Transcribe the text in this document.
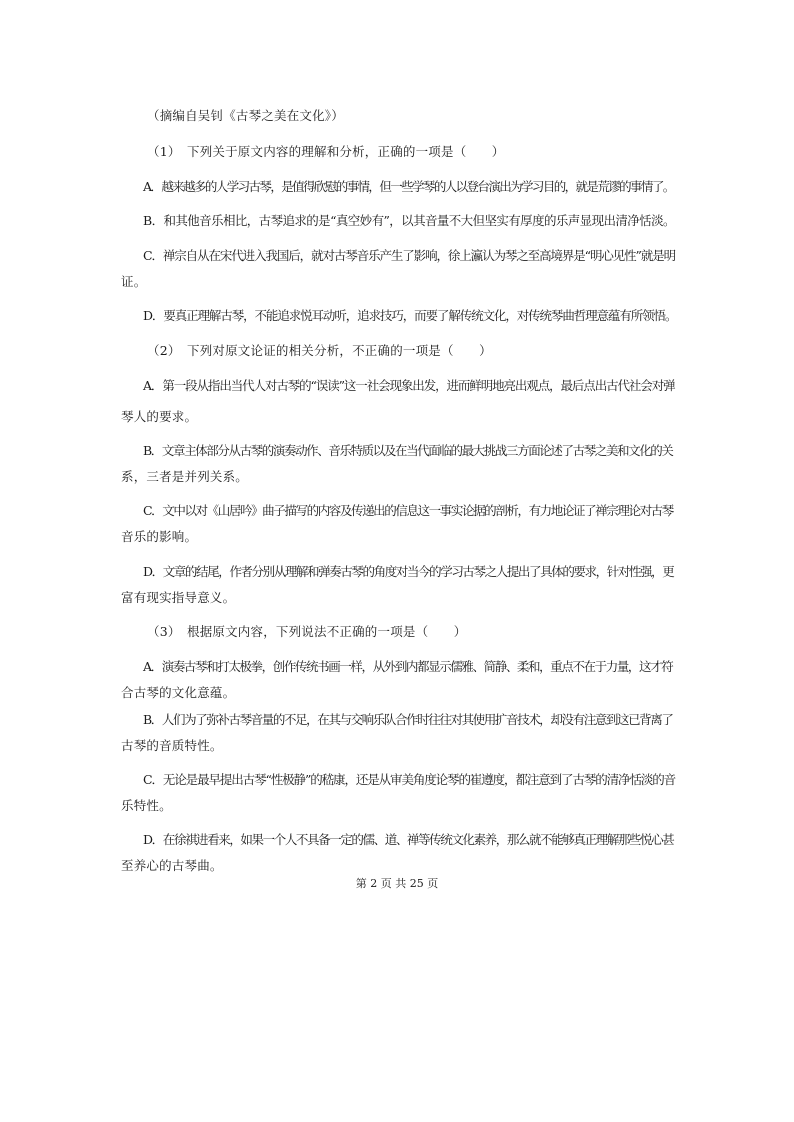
（摘编自吴钊《古琴之美在文化》）
（1）　下列关于原文内容的理解和分析，正确的一项是（　　）
A．越来越多的人学习古琴，是值得欣慰的事情，但一些学琴的人以登台演出为学习目的，就是荒谬的事情了。
B．和其他音乐相比，古琴追求的是“真空妙有”，以其音量不大但坚实有厚度的乐声显现出清净恬淡。
C．禅宗自从在宋代进入我国后，就对古琴音乐产生了影响，徐上瀛认为琴之至高境界是“明心见性”就是明
证。
D．要真正理解古琴，不能追求悦耳动听，追求技巧，而要了解传统文化，对传统琴曲哲理意蕴有所领悟。
（2）　下列对原文论证的相关分析，不正确的一项是（　　）
A．第一段从指出当代人对古琴的“误读”这一社会现象出发，进而鲜明地亮出观点，最后点出古代社会对弹
琴人的要求。
B．文章主体部分从古琴的演奏动作、音乐特质以及在当代面临的最大挑战三方面论述了古琴之美和文化的关
系，三者是并列关系。
C．文中以对《山居吟》曲子描写的内容及传递出的信息这一事实论据的剖析，有力地论证了禅宗理论对古琴
音乐的影响。
D．文章的结尾，作者分别从理解和弹奏古琴的角度对当今的学习古琴之人提出了具体的要求，针对性强，更
富有现实指导意义。
（3）　根据原文内容，下列说法不正确的一项是（　　）
A．演奏古琴和打太极拳，创作传统书画一样，从外到内都显示儒雅、简静、柔和，重点不在于力量，这才符
合古琴的文化意蕴。
B．人们为了弥补古琴音量的不足，在其与交响乐队合作时往往对其使用扩音技术，却没有注意到这已背离了
古琴的音质特性。
C．无论是最早提出古琴“性极静”的嵇康，还是从审美角度论琴的崔遵度，都注意到了古琴的清净恬淡的音
乐特性。
D．在徐祺进看来，如果一个人不具备一定的儒、道、禅等传统文化素养，那么就不能够真正理解那些悦心甚
至养心的古琴曲。
第 2 页 共 25 页
